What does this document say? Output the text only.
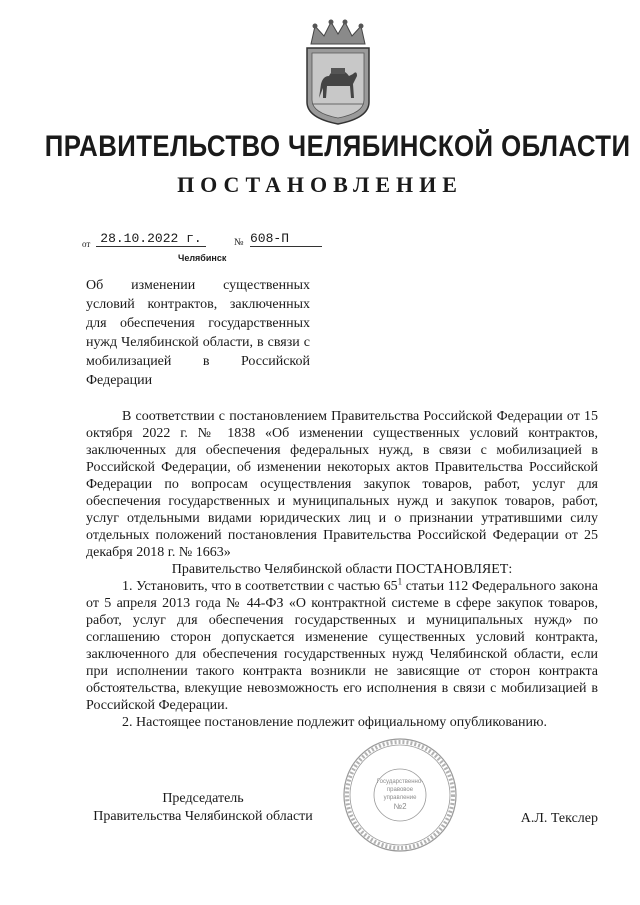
ПРАВИТЕЛЬСТВО ЧЕЛЯБИНСКОЙ ОБЛАСТИ
ПОСТАНОВЛЕНИЕ
от 28.10.2022 г.	№ 608-П
Челябинск
Об изменении существенных условий контрактов, заключенных для обеспечения государственных нужд Челябинской области, в связи с мобилизацией в Российской Федерации

В соответствии с постановлением Правительства Российской Федерации от 15 октября 2022 г. № 1838 «Об изменении существенных условий контрактов, заключенных для обеспечения федеральных нужд, в связи с мобилизацией в Российской Федерации, об изменении некоторых актов Правительства Российской Федерации по вопросам осуществления закупок товаров, работ, услуг для обеспечения государственных и муниципальных нужд и закупок товаров, работ, услуг отдельными видами юридических лиц и о признании утратившими силу отдельных положений постановления Правительства Российской Федерации от 25 декабря 2018 г. № 1663»

Правительство Челябинской области ПОСТАНОВЛЯЕТ:

1. Установить, что в соответствии с частью $65^1$ статьи 112 Федерального закона от 5 апреля 2013 года № 44-ФЗ «О контрактной системе в сфере закупок товаров, работ, услуг для обеспечения государственных и муниципальных нужд» по соглашению сторон допускается изменение существенных условий контракта, заключенного для обеспечения государственных нужд Челябинской области, если при исполнении такого контракта возникли не зависящие от сторон контракта обстоятельства, влекущие невозможность его исполнения в связи с мобилизацией в Российской Федерации.

2. Настоящее постановление подлежит официальному опубликованию.

Государственно-
правовое
управление
№2
Председатель
Правительства Челябинской области	А.Л. Текслер
